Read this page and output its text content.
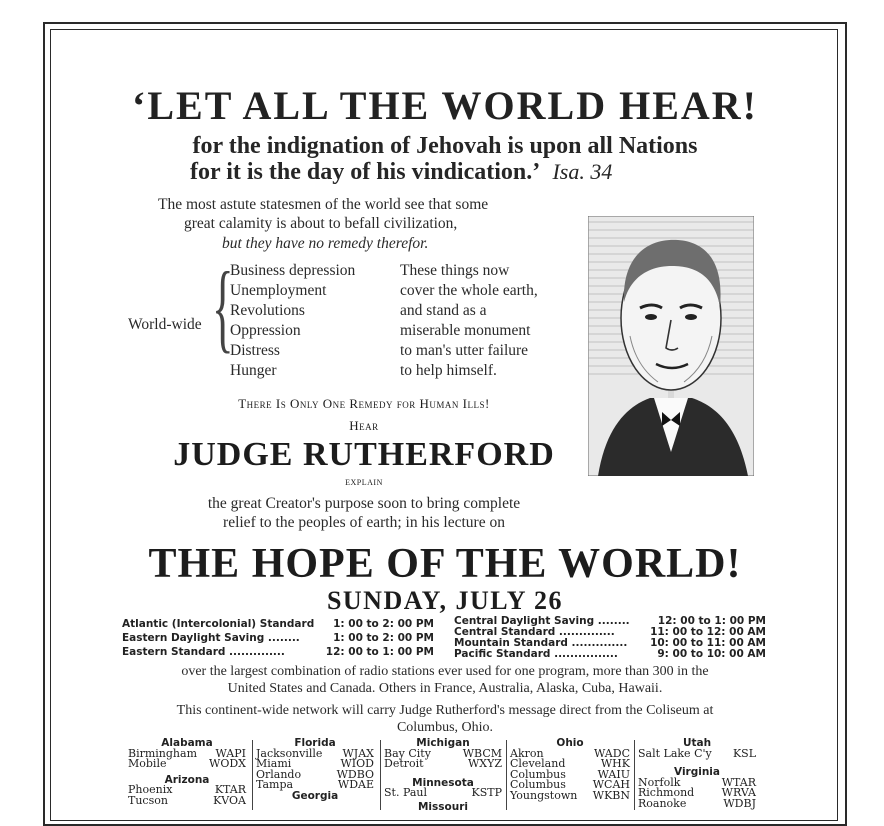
‘LET ALL THE WORLD HEAR!
for the indignation of Jehovah is upon all Nations
for it is the day of his vindication.’ Isa. 34
The most astute statesmen of the world see that some
great calamity is about to befall civilization,
but they have no remedy therefor.
World-wide {
Business depression
Unemployment
Revolutions
Oppression
Distress
Hunger
These things now
cover the whole earth,
and stand as a
miserable monument
to man's utter failure
to help himself.
There Is Only One Remedy for Human Ills!
Hear
JUDGE RUTHERFORD
explain
the great Creator's purpose soon to bring complete
relief to the peoples of earth; in his lecture on
THE HOPE OF THE WORLD!
SUNDAY, JULY 26
Atlantic (Intercolonial) Standard 1: 00 to 2: 00 PM
Eastern Daylight Saving ........	1: 00 to 2: 00 PM
Eastern Standard ..............	12: 00 to 1: 00 PM
Central Daylight Saving ........	12: 00 to 1: 00 PM
Central Standard ..............	11: 00 to 12: 00 AM
Mountain Standard .............. 10: 00 to 11: 00 AM
Pacific Standard ................	9: 00 to 10: 00 AM
over the largest combination of radio stations ever used for one program, more than 300 in the
United States and Canada. Others in France, Australia, Alaska, Cuba, Hawaii.
This continent-wide network will carry Judge Rutherford's message direct from the Coliseum at
Columbus, Ohio.
Alabama
Birmingham WAPI
Mobile	WODX
Arizona
Phoenix	KTAR
Tucson	KVOA
Florida
Jacksonville WJAX
Miami	WIOD
Orlando	WDBO
Tampa	WDAE
Georgia
Michigan
Bay City	WBCM
Detroit	WXYZ
Minnesota
St. Paul	KSTP
Missouri
Ohio
Akron	WADC
Cleveland	WHK
Columbus	WAIU
Columbus WCAH
Youngstown WKBN
Utah
Salt Lake C'y KSL
Virginia
Norfolk	WTAR
Richmond WRVA
Roanoke	WDBJ
